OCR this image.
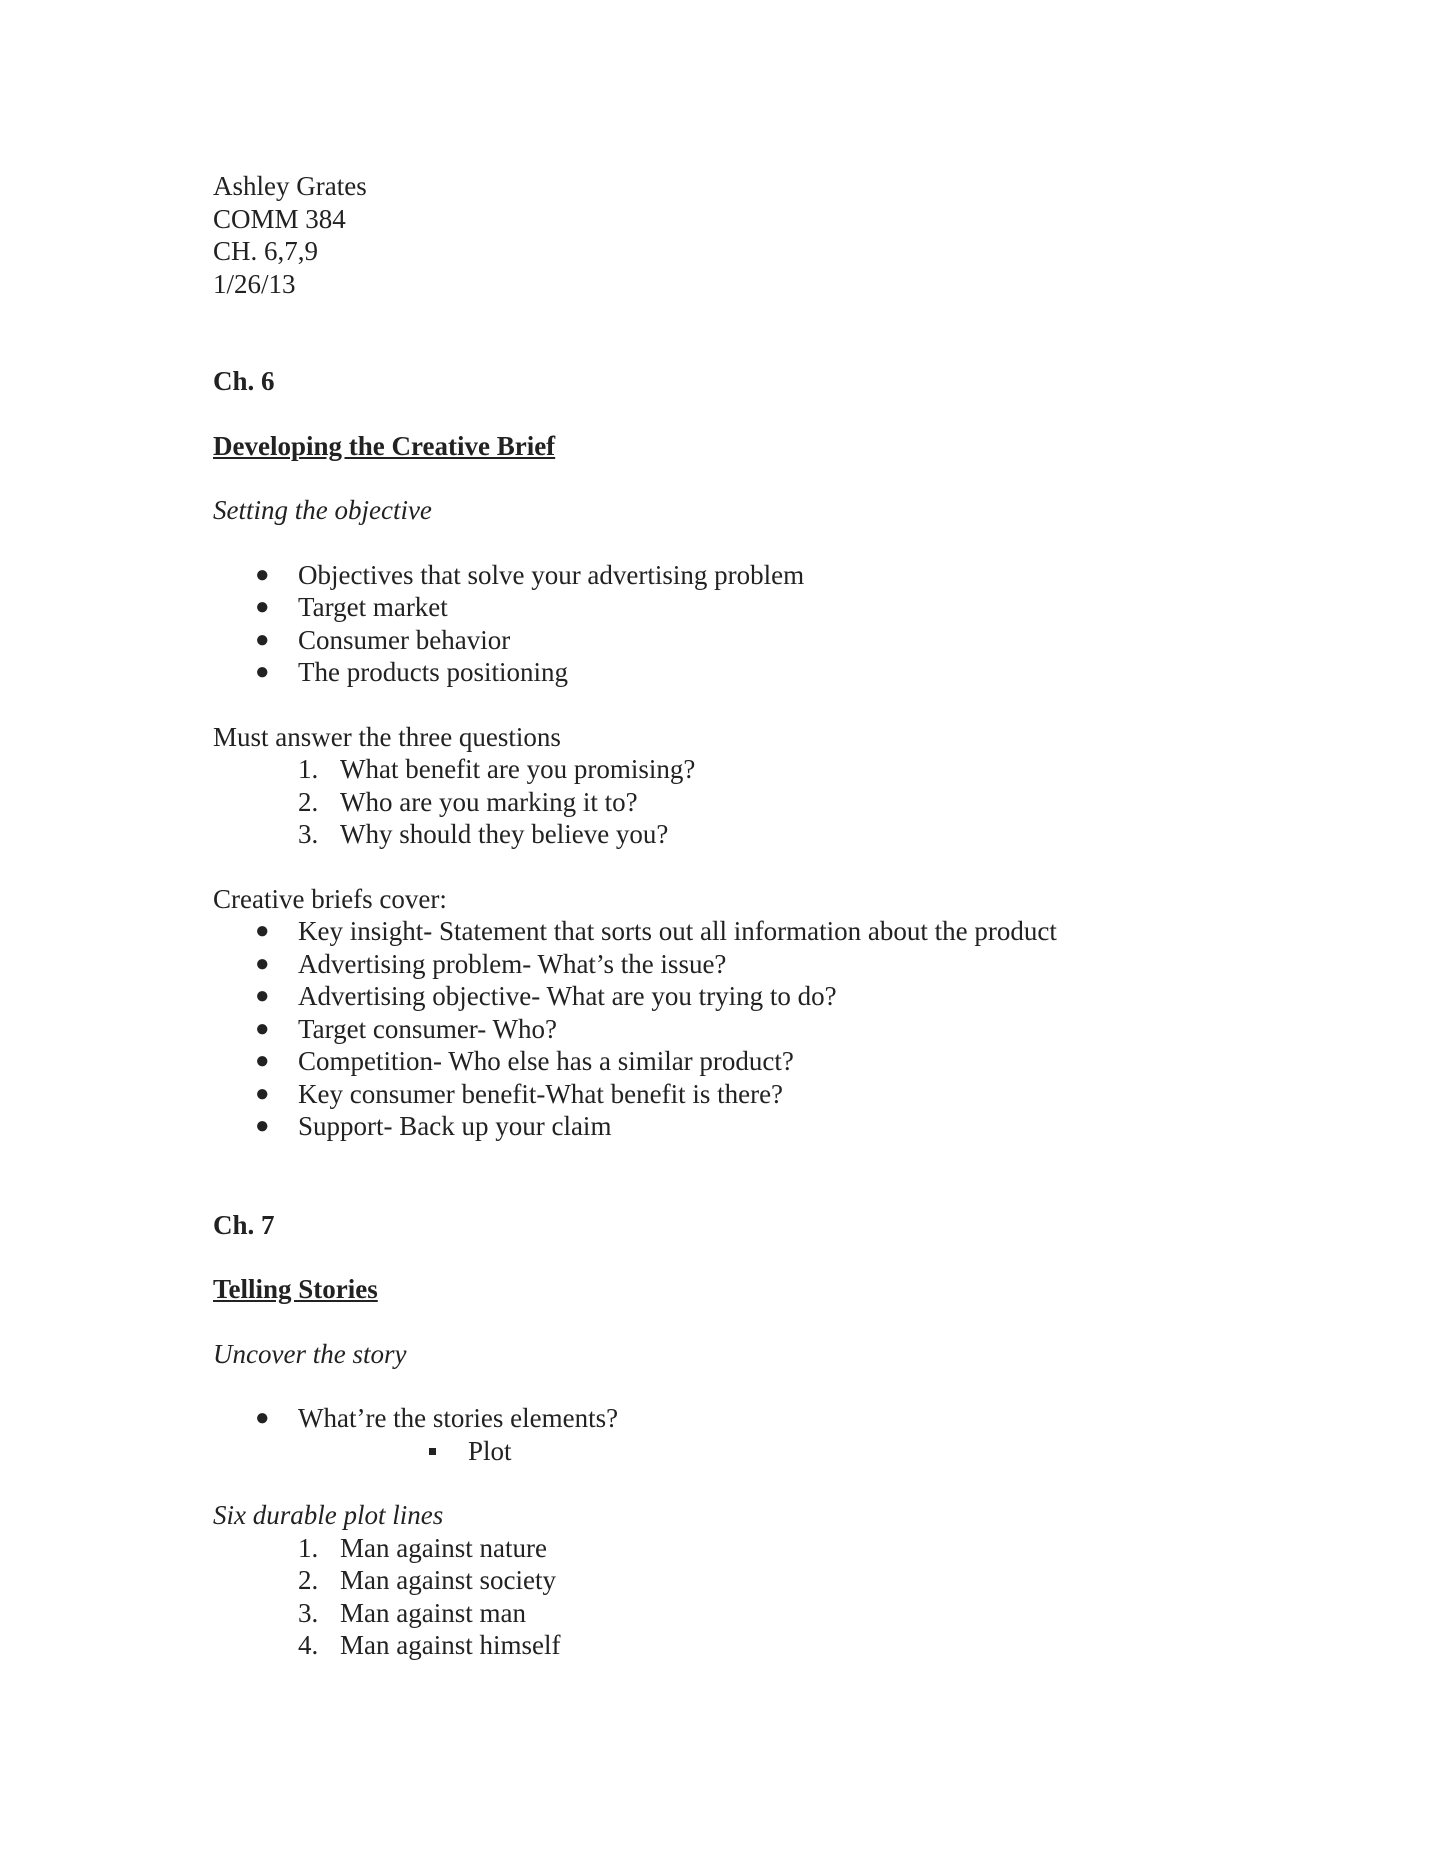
Ashley Grates
COMM 384
CH. 6,7,9
1/26/13
Ch. 6
Developing the Creative Brief
Setting the objective
● Objectives that solve your advertising problem
● Target market
● Consumer behavior
● The products positioning
Must answer the three questions
1. What benefit are you promising?
2. Who are you marking it to?
3. Why should they believe you?
Creative briefs cover:
● Key insight- Statement that sorts out all information about the product
● Advertising problem- What’s the issue?
● Advertising objective- What are you trying to do?
● Target consumer- Who?
● Competition- Who else has a similar product?
● Key consumer benefit-What benefit is there?
● Support- Back up your claim
Ch. 7
Telling Stories
Uncover the story
● What’re the stories elements?
Plot
Six durable plot lines
1. Man against nature
2. Man against society
3. Man against man
4. Man against himself
